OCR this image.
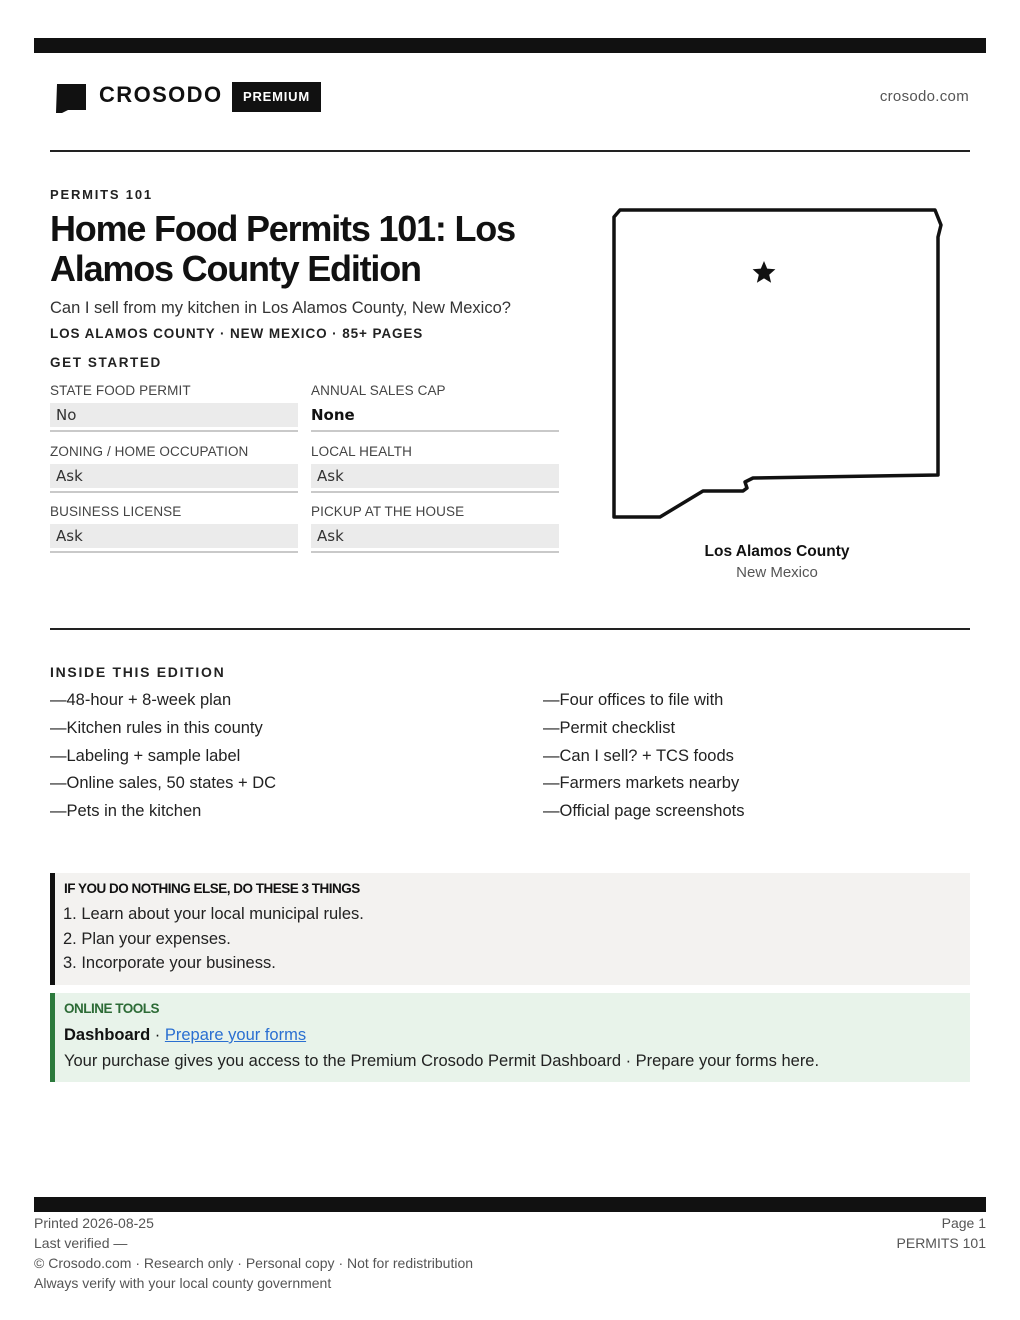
CROSODO	PREMIUM	crosodo.com
PERMITS 101
Home Food Permits 101: Los Alamos County Edition
Can I sell from my kitchen in Los Alamos County, New Mexico?
LOS ALAMOS COUNTY · NEW MEXICO · 85+ PAGES
GET STARTED
STATE FOOD PERMIT
No
ANNUAL SALES CAP
None
ZONING / HOME OCCUPATION
Ask
LOCAL HEALTH
Ask
BUSINESS LICENSE
Ask
PICKUP AT THE HOUSE
Ask
Los Alamos County
New Mexico
INSIDE THIS EDITION
—48-hour + 8-week plan
—Kitchen rules in this county
—Labeling + sample label
—Online sales, 50 states + DC
—Pets in the kitchen
—Four offices to file with
—Permit checklist
—Can I sell? + TCS foods
—Farmers markets nearby
—Official page screenshots
IF YOU DO NOTHING ELSE, DO THESE 3 THINGS
1. Learn about your local municipal rules.
2. Plan your expenses.
3. Incorporate your business.
ONLINE TOOLS
Dashboard · Prepare your forms
Your purchase gives you access to the Premium Crosodo Permit Dashboard · Prepare your forms here.
Printed 2026-08-25
Last verified —
© Crosodo.com · Research only · Personal copy · Not for redistribution
Always verify with your local county government
Page 1
PERMITS 101
